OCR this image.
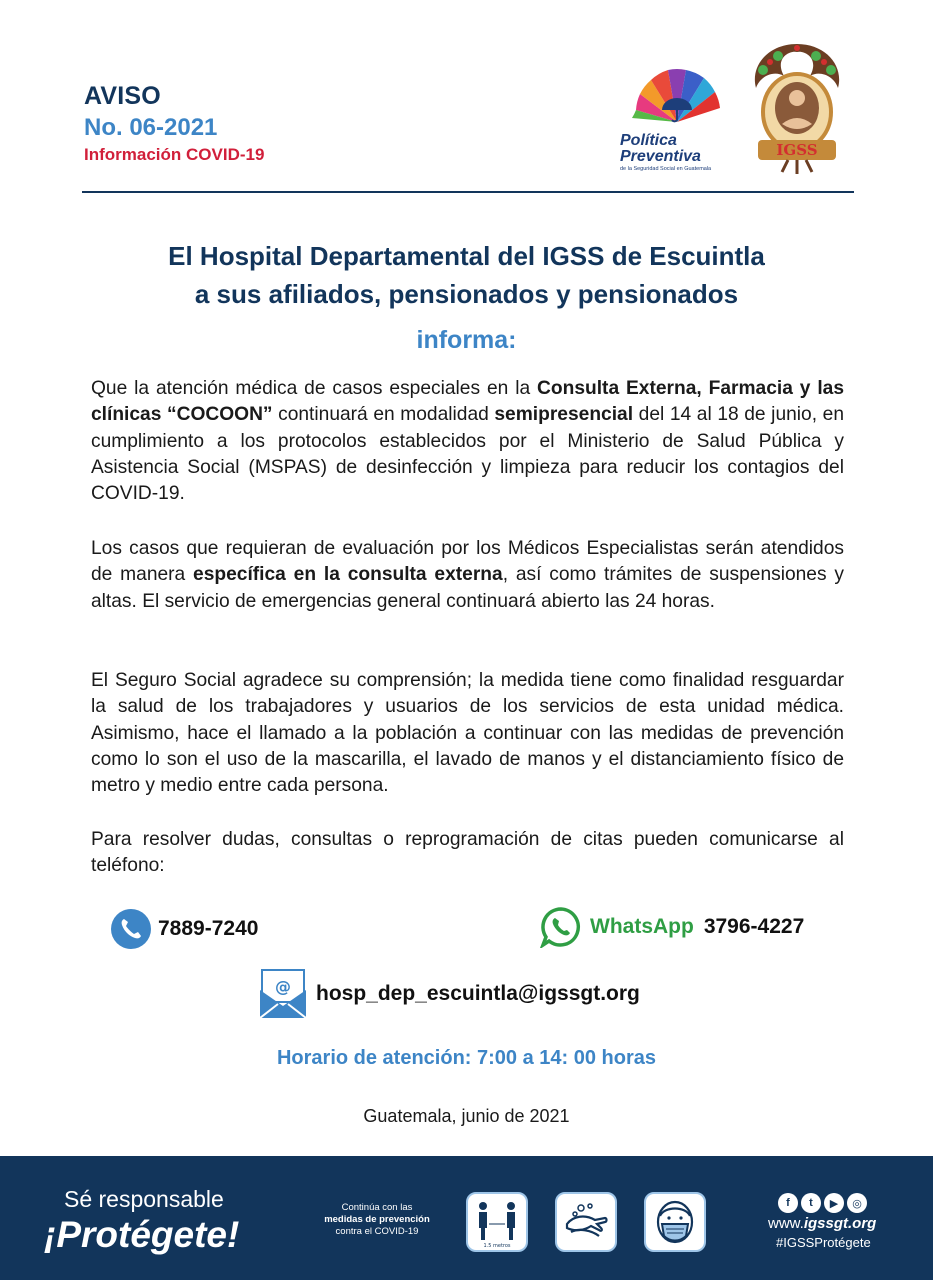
AVISO
No. 06-2021
Información COVID-19
Política
Preventiva
de la Seguridad Social en Guatemala
IGSS
El Hospital Departamental del IGSS de Escuintla
a sus afiliados, pensionados y pensionados
informa:
Que la atención médica de casos especiales en la Consulta Externa, Farmacia y las clínicas “COCOON” continuará en modalidad semipresencial del 14 al 18 de junio, en cumplimiento a los protocolos establecidos por el Ministerio de Salud Pública y Asistencia Social (MSPAS) de desinfección y limpieza para reducir los contagios del COVID-19.
Los casos que requieran de evaluación por los Médicos Especialistas serán atendidos de manera específica en la consulta externa, así como trámites de suspensiones y altas. El servicio de emergencias general continuará abierto las 24 horas.
El Seguro Social agradece su comprensión; la medida tiene como finalidad resguardar la salud de los trabajadores y usuarios de los servicios de esta unidad médica. Asimismo, hace el llamado a la población a continuar con las medidas de prevención como lo son el uso de la mascarilla, el lavado de manos y el distanciamiento físico de metro y medio entre cada persona.
Para resolver dudas, consultas o reprogramación de citas pueden comunicarse al teléfono:
7889-7240	WhatsApp 3796-4227
@ hosp_dep_escuintla@igssgt.org
Horario de atención: 7:00 a 14: 00 horas
Guatemala, junio de 2021
Sé responsable
¡Protégete!
Continúa con las
medidas de prevención
contra el COVID-19
1.5 metros
f	t	▶	◎
www.igssgt.org
#IGSSProtégete
